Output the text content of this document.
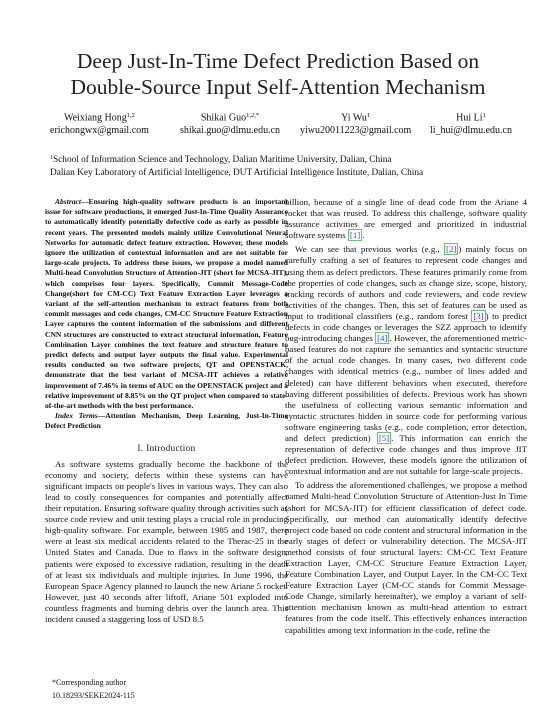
Deep Just-In-Time Defect Prediction Based on
Double-Source Input Self-Attention Mechanism
Weixiang Hong$^{1,2}$
erichongwx@gmail.com
Shikai Guo$^{1,2,*}$
shikai.guo@dlmu.edu.cn
Yi Wu$^1$
yiwu20011223@gmail.com
Hui Li$^1$
li_hui@dlmu.edu.cn
$^1$School of Information Science and Technology, Dalian Maritime University, Dalian, China
Dalian Key Laboratory of Artificial Intelligence, DUT Artificial Intelligence Institute, Dalian, China

Abstract—Ensuring high-quality software products is an important issue for software productions, it emerged Just-In-Time Quality Assurance to automatically identify potentially defective code as early as possible in recent years. The presented models mainly utilize Convolutional Neural Networks for automatic defect feature extraction. However, these models ignore the utilization of contextual information and are not suitable for large-scale projects. To address these issues, we propose a model named Multi-head Convolution Structure of Attention-JIT (short for MCSA-JIT), which comprises four layers. Specifically, Commit Message-Code Change(short for CM-CC) Text Feature Extraction Layer leverages a variant of the self-attention mechanism to extract features from both commit messages and code changes, CM-CC Structure Feature Extraction Layer captures the content information of the submissions and different CNN structures are constructed to extract structural information, Feature Combination Layer combines the text feature and structure feature to predict defects and output layer outputs the final value. Experimental results conducted on two software projects, QT and OPENSTACK, demonstrate that the best variant of MCSA-JIT achieves a relative improvement of 7.46% in terms of AUC on the OPENSTACK project and a relative improvement of 8.85% on the QT project when compared to state-of-the-art methods with the best performance.

Index Terms—Attention Mechanism, Deep Learning, Just-In-Time Defect Prediction

I. Introduction

As software systems gradually become the backbone of the economy and society, defects within these systems can have significant impacts on people's lives in various ways. They can also lead to costly consequences for companies and potentially affect their reputation. Ensuring software quality through activities such as source code review and unit testing plays a crucial role in producing high-quality software. For example, between 1985 and 1987, there were at least six medical accidents related to the Therac-25 in the United States and Canada. Due to flaws in the software design, patients were exposed to excessive radiation, resulting in the death of at least six individuals and multiple injuries. In June 1996, the European Space Agency planned to launch the new Ariane 5 rocket. However, just 40 seconds after liftoff, Ariane 501 exploded into countless fragments and burning debris over the launch area. This incident caused a staggering loss of USD 8.5

billion, because of a single line of dead code from the Ariane 4 rocket that was reused. To address this challenge, software quality assurance activities are emerged and prioritized in industrial software systems [1] .

We can see that previous works (e.g., [2] ) mainly focus on carefully crafting a set of features to represent code changes and using them as defect predictors. These features primarily come from the properties of code changes, such as change size, scope, history, tracking records of authors and code reviewers, and code review activities of the changes. Then, this set of features can be used as input to traditional classifiers (e.g., random forest [3] ) to predict defects in code changes or leverages the SZZ approach to identify bug-introducing changes [4] . However, the aforementioned metric-based features do not capture the semantics and syntactic structure of the actual code changes. In many cases, two different code changes with identical metrics (e.g., number of lines added and deleted) can have different behaviors when executed, therefore having different possibilities of defects. Previous work has shown the usefulness of collecting various semantic information and syntactic structures hidden in source code for performing various software engineering tasks (e.g., code completion, error detection, and defect prediction) [5] . This information can enrich the representation of defective code changes and thus improve JIT defect prediction. However, these models ignore the utilization of contextual information and are not suitable for large-scale projects.

To address the aforementioned challenges, we propose a method named Multi-head Convolution Structure of Attention-Just In Time (short for MCSA-JIT) for efficient classification of defect code. Specifically, our method can automatically identify defective project code based on code content and structural information in the early stages of defect or vulnerability detection. The MCSA-JIT method consists of four structural layers: CM-CC Text Feature Extraction Layer, CM-CC Structure Feature Extraction Layer, Feature Combination Layer, and Output Layer. In the CM-CC Text Feature Extraction Layer (CM-CC stands for Commit Message-Code Change, similarly hereinafter), we employ a variant of self-attention mechanism known as multi-head attention to extract features from the code itself. This effectively enhances interaction capabilities among text information in the code, refine the

*Corresponding author
10.18293/SEKE2024-115
